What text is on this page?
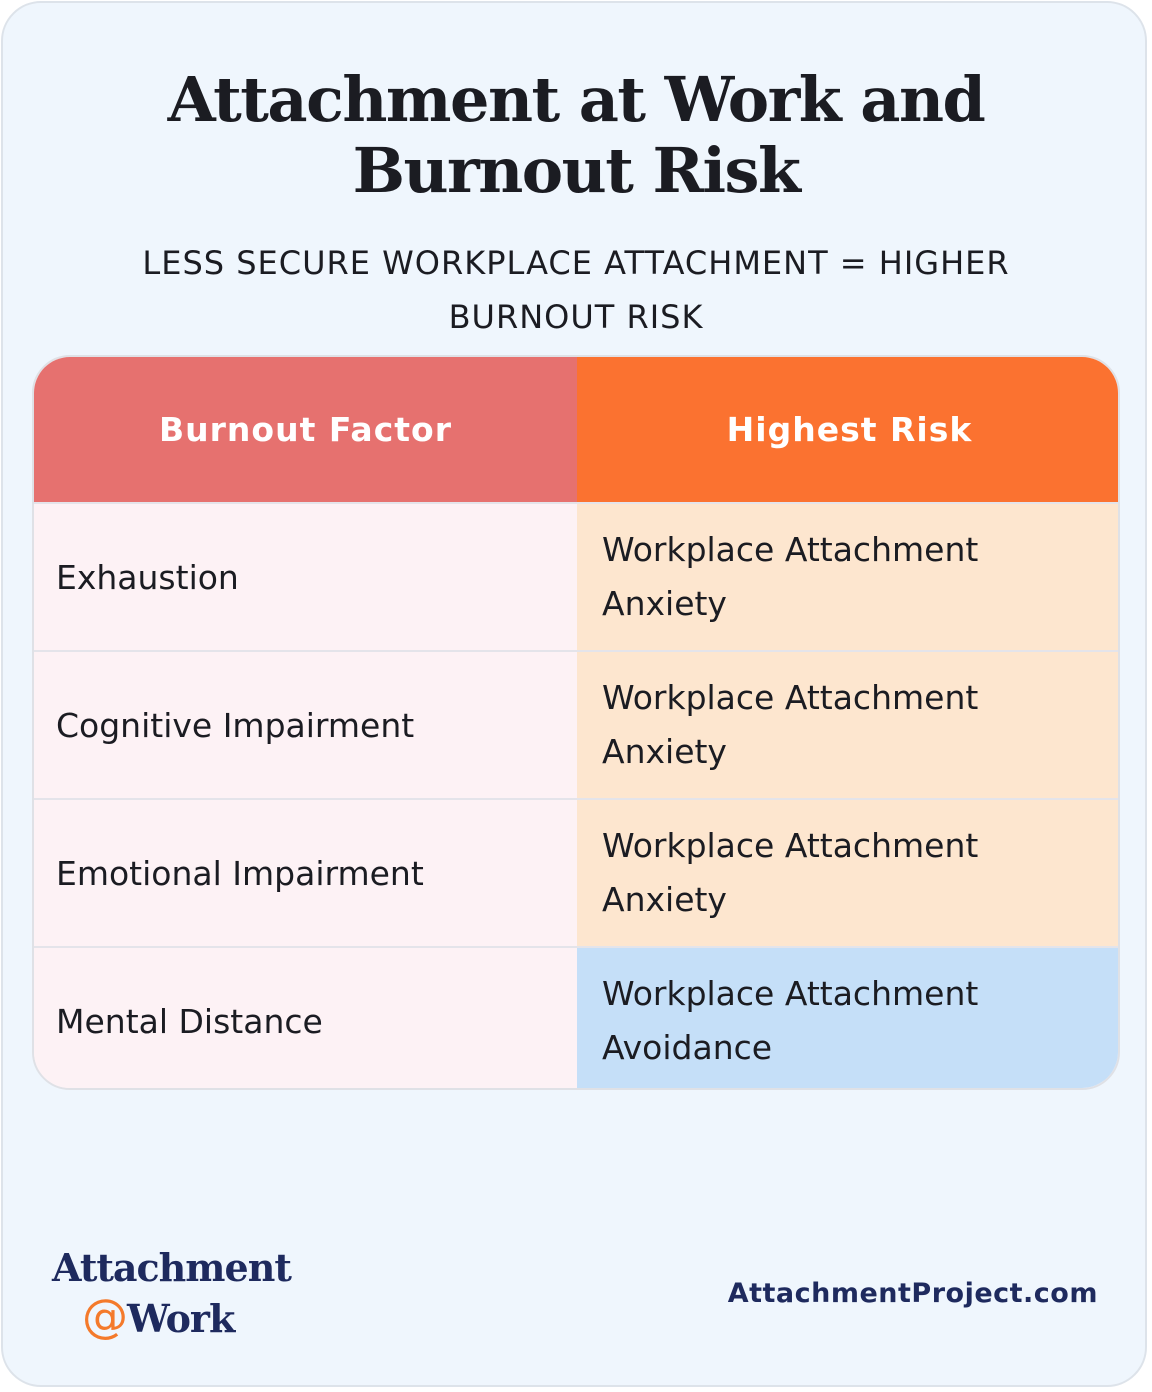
Attachment at Work and
Burnout Risk

LESS SECURE WORKPLACE ATTACHMENT = HIGHER
BURNOUT RISK

Burnout Factor	Highest Risk
Exhaustion
Workplace Attachment
Anxiety
Cognitive Impairment
Workplace Attachment
Anxiety
Emotional Impairment
Workplace Attachment
Anxiety
Mental Distance
Workplace Attachment
Avoidance
Attachment
@Work
AttachmentProject.com
